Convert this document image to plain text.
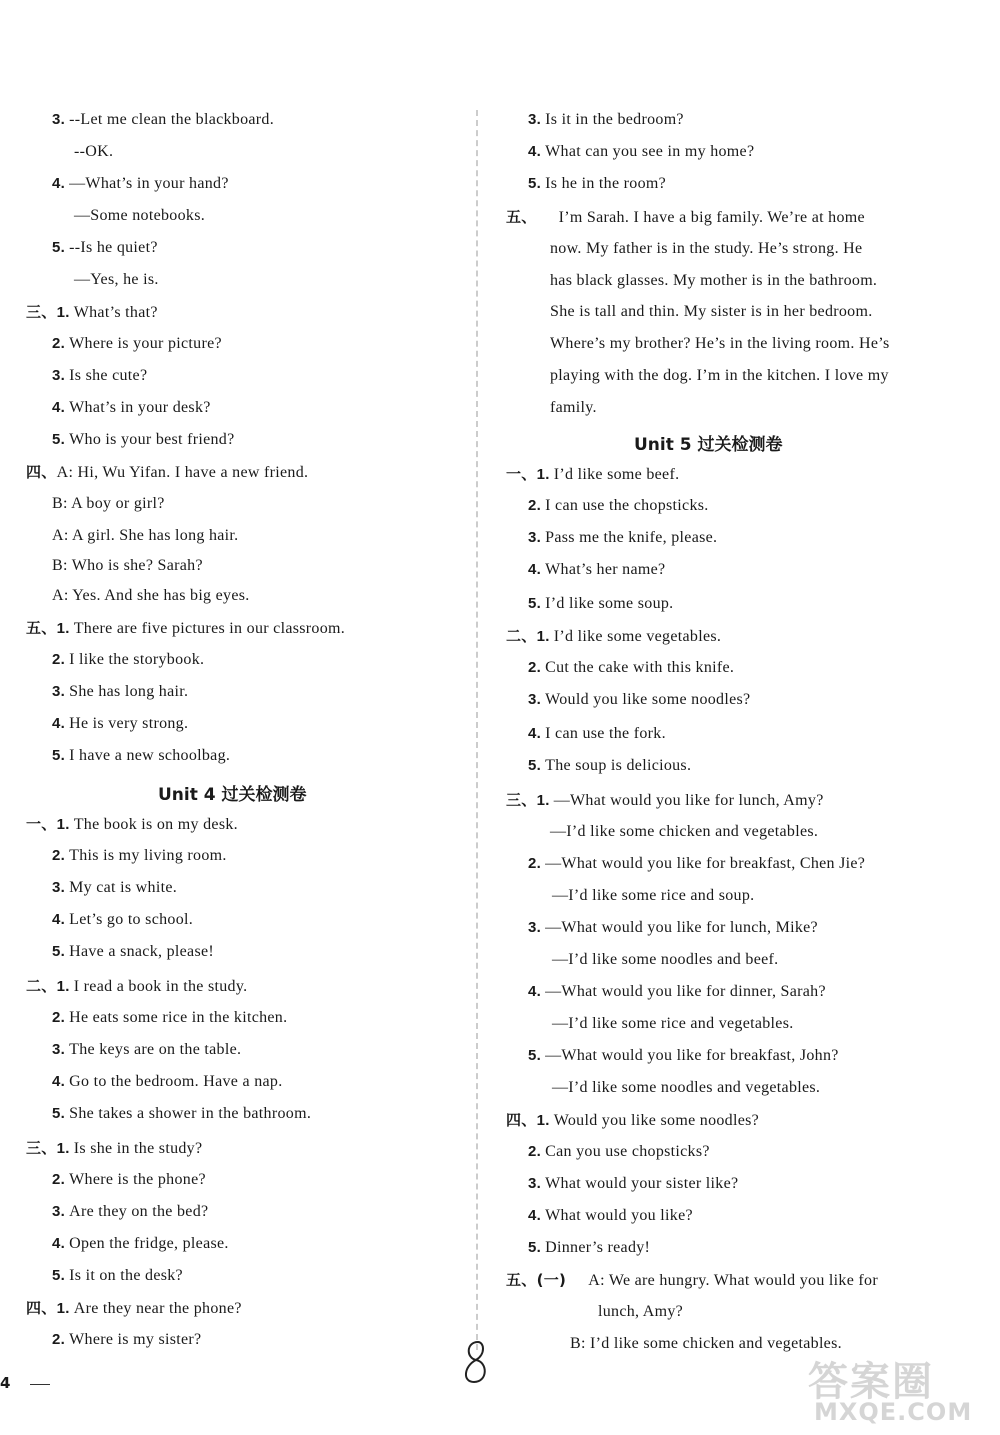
3. --Let me clean the blackboard.
--OK.
4. —What’s in your hand?
—Some notebooks.
5. --Is he quiet?
—Yes, he is.
三、1. What’s that?
2. Where is your picture?
3. Is she cute?
4. What’s in your desk?
5. Who is your best friend?
四、A: Hi, Wu Yifan. I have a new friend.
B: A boy or girl?
A: A girl. She has long hair.
B: Who is she? Sarah?
A: Yes. And she has big eyes.
五、1. There are five pictures in our classroom.
2. I like the storybook.
3. She has long hair.
4. He is very strong.
5. I have a new schoolbag.
一、1. The book is on my desk.
2. This is my living room.
3. My cat is white.
4. Let’s go to school.
5. Have a snack, please!
二、1. I read a book in the study.
2. He eats some rice in the kitchen.
3. The keys are on the table.
4. Go to the bedroom. Have a nap.
5. She takes a shower in the bathroom.
三、1. Is she in the study?
2. Where is the phone?
3. Are they on the bed?
4. Open the fridge, please.
5. Is it on the desk?
四、1. Are they near the phone?
2. Where is my sister?
3. Is it in the bedroom?
4. What can you see in my home?
5. Is he in the room?
五、 I’m Sarah. I have a big family. We’re at home
now. My father is in the study. He’s strong. He
has black glasses. My mother is in the bathroom.
She is tall and thin. My sister is in her bedroom.
Where’s my brother? He’s in the living room. He’s
playing with the dog. I’m in the kitchen. I love my
family.
一、1. I’d like some beef.
2. I can use the chopsticks.
3. Pass me the knife, please.
4. What’s her name?
5. I’d like some soup.
二、1. I’d like some vegetables.
2. Cut the cake with this knife.
3. Would you like some noodles?
4. I can use the fork.
5. The soup is delicious.
三、1. —What would you like for lunch, Amy?
—I’d like some chicken and vegetables.
2. —What would you like for breakfast, Chen Jie?
—I’d like some rice and soup.
3. —What would you like for lunch, Mike?
—I’d like some noodles and beef.
4. —What would you like for dinner, Sarah?
—I’d like some rice and vegetables.
5. —What would you like for breakfast, John?
—I’d like some noodles and vegetables.
四、1. Would you like some noodles?
2. Can you use chopsticks?
3. What would your sister like?
4. What would you like?
5. Dinner’s ready!
五、(一) A: We are hungry. What would you like for
lunch, Amy?
B: I’d like some chicken and vegetables.
Unit 4 过关检测卷
Unit 5 过关检测卷
4	答案圈
MXQE.COM
